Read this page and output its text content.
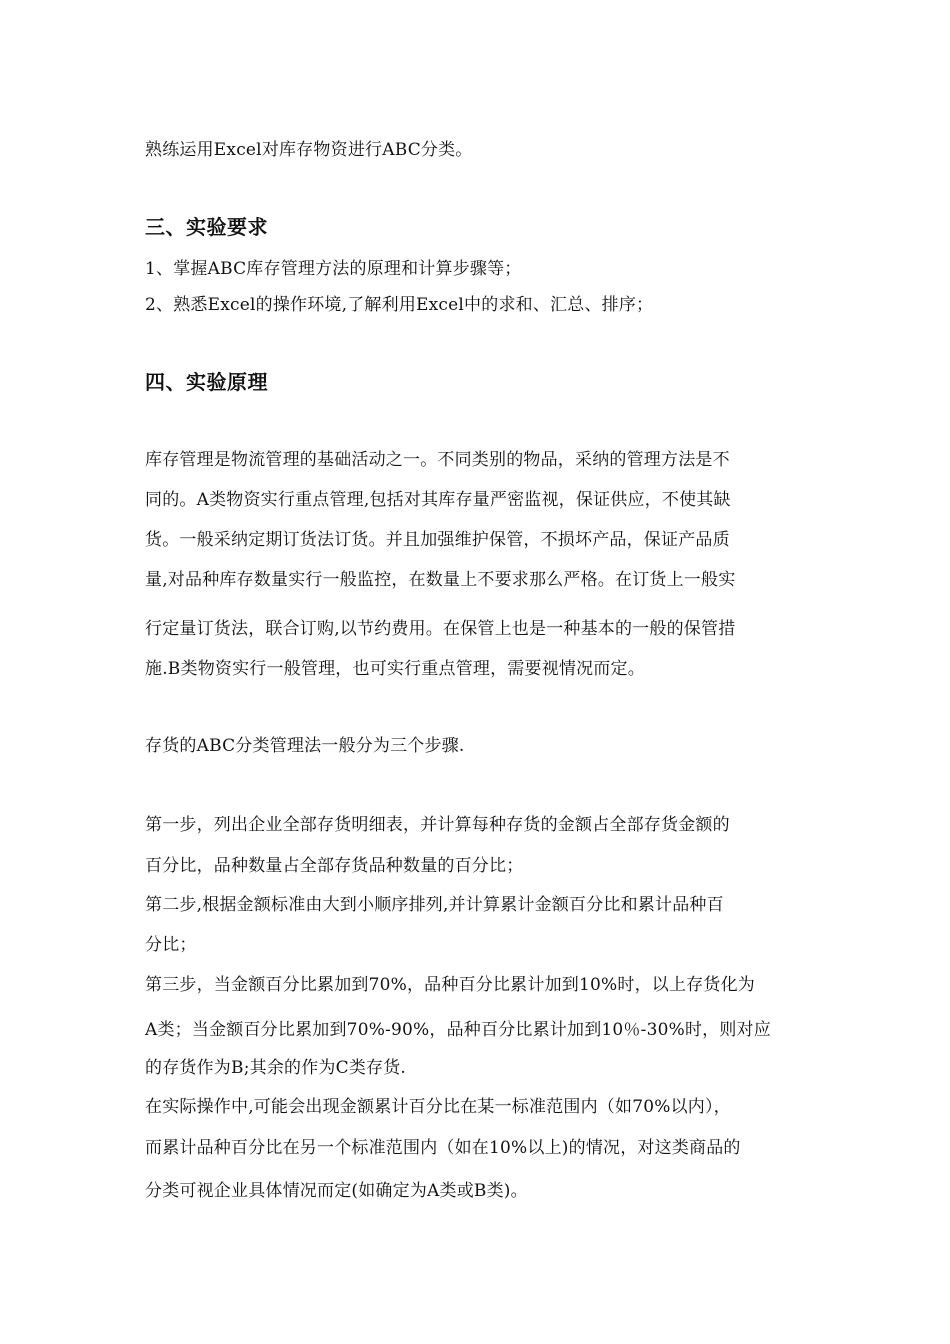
熟练运用Excel对库存物资进行ABC分类。
三、实验要求
1、掌握ABC库存管理方法的原理和计算步骤等；
2、熟悉Excel的操作环境,了解利用Excel中的求和、汇总、排序；
四、实验原理
库存管理是物流管理的基础活动之一。不同类别的物品，采纳的管理方法是不
同的。A类物资实行重点管理,包括对其库存量严密监视，保证供应，不使其缺
货。一般采纳定期订货法订货。并且加强维护保管，不损坏产品，保证产品质
量,对品种库存数量实行一般监控，在数量上不要求那么严格。在订货上一般实
行定量订货法，联合订购,以节约费用。在保管上也是一种基本的一般的保管措
施.B类物资实行一般管理，也可实行重点管理，需要视情况而定。
存货的ABC分类管理法一般分为三个步骤.
第一步，列出企业全部存货明细表，并计算每种存货的金额占全部存货金额的
百分比，品种数量占全部存货品种数量的百分比；
第二步,根据金额标准由大到小顺序排列,并计算累计金额百分比和累计品种百
分比；
第三步，当金额百分比累加到70%，品种百分比累计加到10%时，以上存货化为
A类；当金额百分比累加到70%-90%，品种百分比累计加到10％-30%时，则对应
的存货作为B;其余的作为C类存货.
在实际操作中,可能会出现金额累计百分比在某一标准范围内（如70%以内），
而累计品种百分比在另一个标准范围内（如在10%以上)的情况，对这类商品的
分类可视企业具体情况而定(如确定为A类或B类)。
